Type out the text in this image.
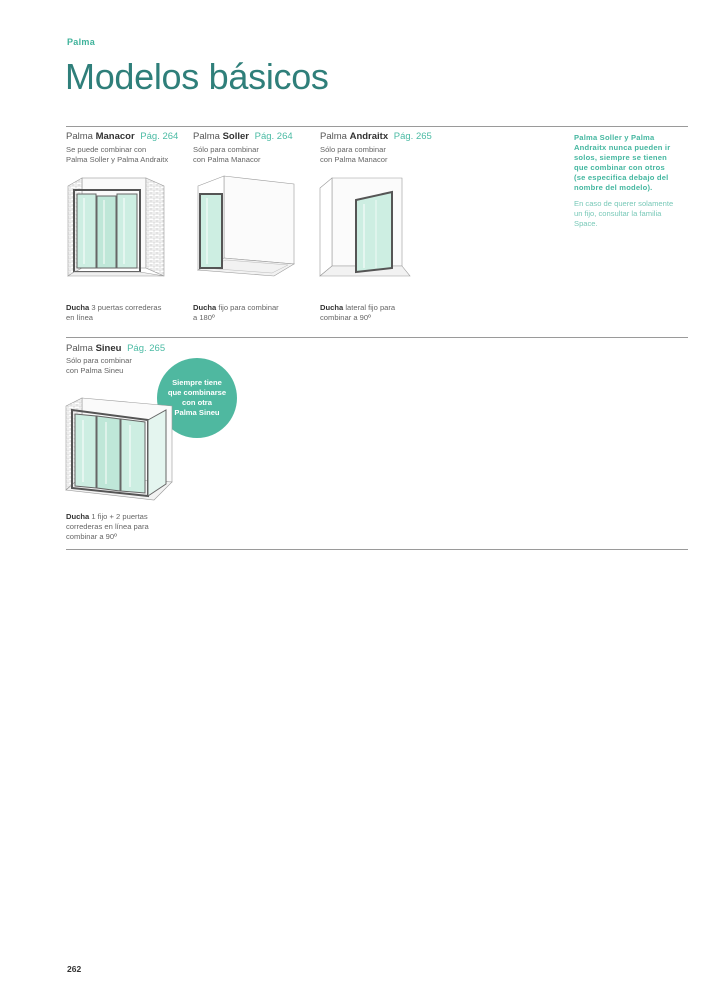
Palma
Modelos básicos
Palma Manacor Pág. 264
Se puede combinar con
Palma Soller y Palma Andraitx
Palma Soller Pág. 264
Sólo para combinar
con Palma Manacor
Palma Andraitx Pág. 265
Sólo para combinar
con Palma Manacor
Palma Soller y Palma
Andraitx nunca pueden ir
solos, siempre se tienen
que combinar con otros
(se especifica debajo del
nombre del modelo).
En caso de querer solamente
un fijo, consultar la familia
Space.
Ducha 3 puertas correderas
en línea
Ducha fijo para combinar
a 180º
Ducha lateral fijo para
combinar a 90º
Palma Sineu Pág. 265
Sólo para combinar
con Palma Sineu
Siempre tiene
que combinarse
con otra
Palma Sineu
Ducha 1 fijo + 2 puertas
correderas en línea para
combinar a 90º
262
